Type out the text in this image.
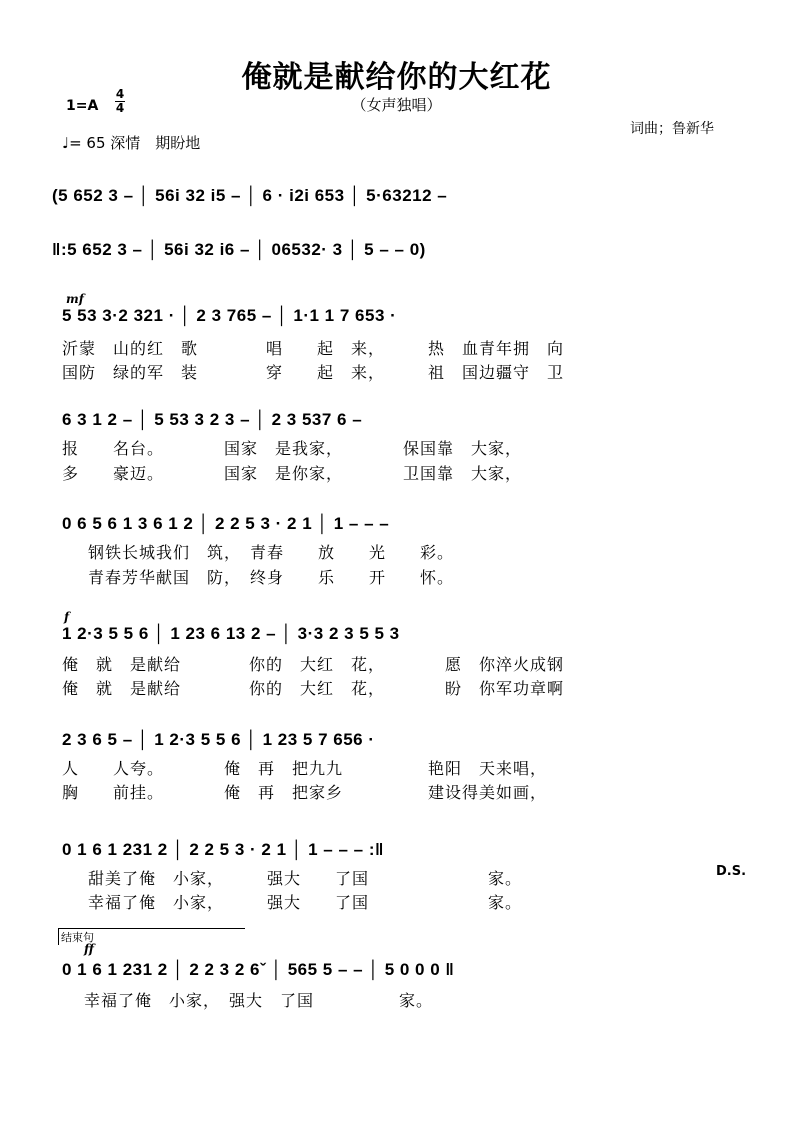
俺就是献给你的大红花
（女声独唱）
词曲；鲁新华
1=A
4
4
♩= 65 深情　期盼地
(5 652 3 – │ 56i 32 i5 – │ 6 · i2i 653 │ 5·63212 –
‖:5 652 3 – │ 56i 32 i6 – │ 06532· 3 │ 5 – – 0)
mf
5 53 3·2 321 · │ 2 3 765 – │ 1·1 1 7 653 ·
沂蒙　山的红　歌　　　　唱　　起　来，　　　热　血青年拥　向
国防　绿的军　装　　　　穿　　起　来，　　　祖　国边疆守　卫
6 3 1 2 – │ 5 53 3 2 3 – │ 2 3 537 6 –
报　　名台。　　　　国家　是我家，　　　　保国靠　大家，
多　　豪迈。　　　　国家　是你家，　　　　卫国靠　大家，
0 6 5 6 1 3 6 1 2 │ 2 2 5 3 · 2 1 │ 1 – – –
钢铁长城我们　筑，　青春　　放　　光　　彩。
青春芳华献国　防，　终身　　乐　　开　　怀。
f
1 2·3 5 5 6 │ 1 23 6 13 2 – │ 3·3 2 3 5 5 3
俺　就　是献给　　　　你的　大红　花，　　　　愿　你淬火成钢
俺　就　是献给　　　　你的　大红　花，　　　　盼　你军功章啊
2 3 6 5 – │ 1 2·3 5 5 6 │ 1 23 5 7 656 ·
人　　人夸。　　　　俺　再　把九九　　　　　艳阳　天来唱，
胸　　前挂。　　　　俺　再　把家乡　　　　　建设得美如画，
0 1 6 1 231 2 │ 2 2 5 3 · 2 1 │ 1 – – – :‖
D.S.
甜美了俺　小家，　　　强大　　了国　　　　　　　家。
幸福了俺　小家，　　　强大　　了国　　　　　　　家。
结束句
ff
0 1 6 1 231 2 │ 2 2 3 2 6ˇ │ 565 5 – – │ 5 0 0 0 ‖
幸福了俺　小家，　强大　了国　　　　　家。
